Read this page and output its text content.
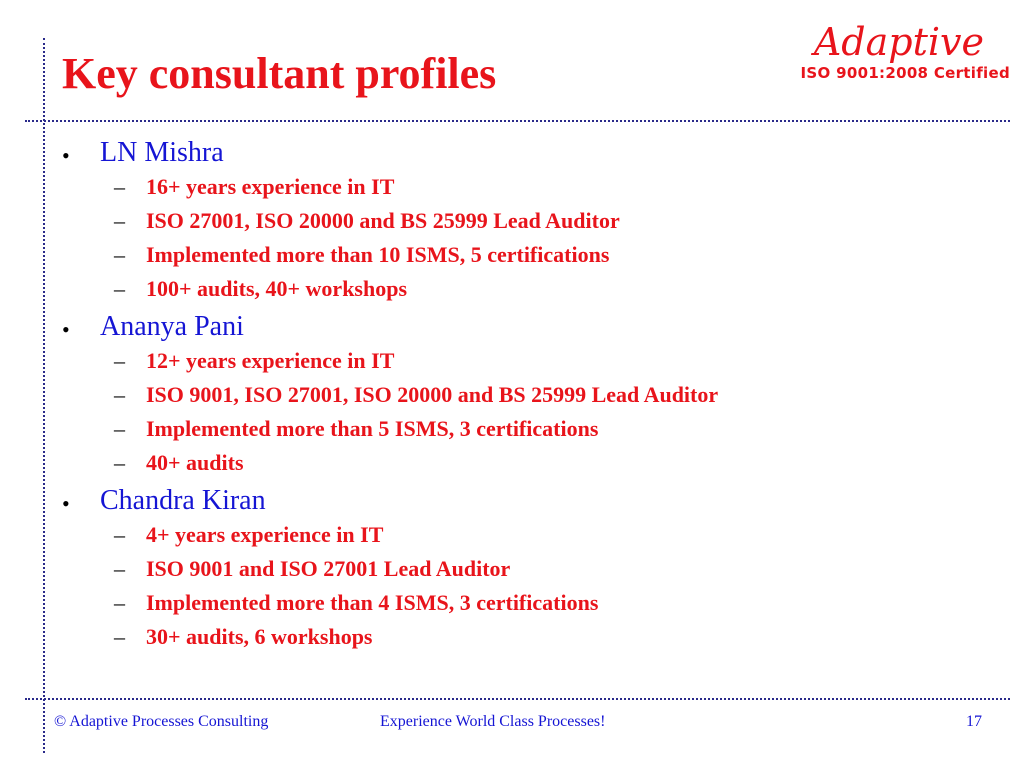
Key consultant profiles
Adaptive
ISO 9001:2008 Certified
• LN Mishra
– 16+ years experience in IT
– ISO 27001, ISO 20000 and BS 25999 Lead Auditor
– Implemented more than 10 ISMS, 5 certifications
– 100+ audits, 40+ workshops
• Ananya Pani
– 12+ years experience in IT
– ISO 9001, ISO 27001, ISO 20000 and BS 25999 Lead Auditor
– Implemented more than 5 ISMS, 3 certifications
– 40+ audits
• Chandra Kiran
– 4+ years experience in IT
– ISO 9001 and ISO 27001 Lead Auditor
– Implemented more than 4 ISMS, 3 certifications
– 30+ audits, 6 workshops
© Adaptive Processes Consulting	Experience World Class Processes!	17
